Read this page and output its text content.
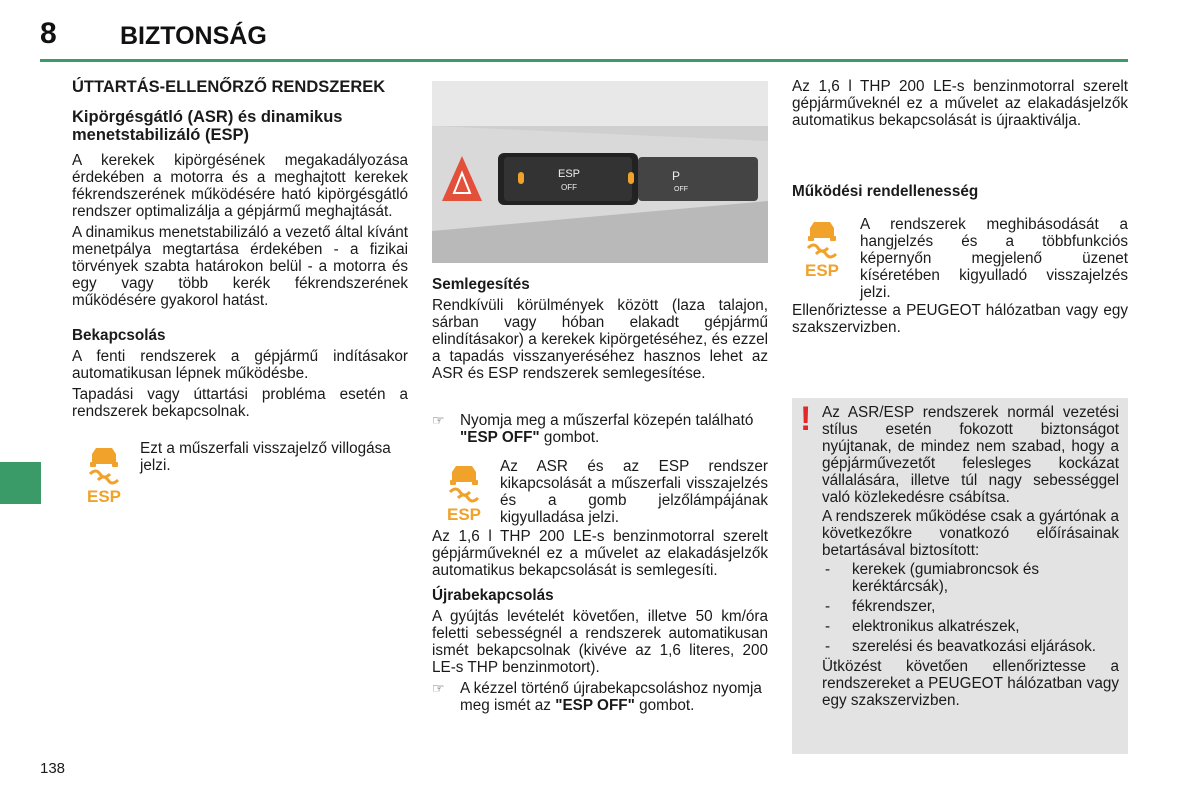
8	BIZTONSÁG
138
ÚTTARTÁS-ELLENŐRZŐ RENDSZEREK
Kipörgésgátló (ASR) és dinamikus menetstabilizáló (ESP)

A kerekek kipörgésének megakadályozása érdekében a motorra és a meghajtott kerekek fékrendszerének működésére ható kipörgésgátló rendszer optimalizálja a gépjármű meghajtását.

A dinamikus menetstabilizáló a vezető által kívánt menetpálya megtartása érdekében - a fizikai törvények szabta határokon belül - a motorra és egy vagy több kerék fékrendszerének működésére gyakorol hatást.

Bekapcsolás

A fenti rendszerek a gépjármű indításakor automatikusan lépnek működésbe.

Tapadási vagy úttartási probléma esetén a rendszerek bekapcsolnak.

ESP
Ezt a műszerfali visszajelző villogása jelzi.
ESP
OFF
P
OFF
Semlegesítés

Rendkívüli körülmények között (laza talajon, sárban vagy hóban elakadt gépjármű elindításakor) a kerekek kipörgetéséhez, és ezzel a tapadás visszanyeréséhez hasznos lehet az ASR és ESP rendszerek semlegesítése.

☞ Nyomja meg a műszerfal közepén található "ESP OFF" gombot.
ESP
Az ASR és az ESP rendszer kikapcsolását a műszerfali visszajelzés és a gomb jelzőlámpájának kigyulladása jelzi.

Az 1,6 l THP 200 LE-s benzinmotorral szerelt gépjárműveknél ez a művelet az elakadásjelzők automatikus bekapcsolását is semlegesíti.

Újrabekapcsolás

A gyújtás levételét követően, illetve 50 km/óra feletti sebességnél a rendszerek automatikusan ismét bekapcsolnak (kivéve az 1,6 literes, 200 LE-s THP benzinmotort).

☞ A kézzel történő újrabekapcsoláshoz nyomja meg ismét az "ESP OFF" gombot.

Az 1,6 l THP 200 LE-s benzinmotorral szerelt gépjárműveknél ez a művelet az elakadásjelzők automatikus bekapcsolását is újraaktiválja.

Működési rendellenesség
ESP
A rendszerek meghibásodását a hangjelzés és a többfunkciós képernyőn megjelenő üzenet kíséretében kigyulladó visszajelzés jelzi.

Ellenőriztesse a PEUGEOT hálózatban vagy egy szakszervizben.

! Az ASR/ESP rendszerek normál vezetési stílus esetén fokozott biztonságot nyújtanak, de mindez nem szabad, hogy a gépjárművezetőt felesleges kockázat vállalására, illetve túl nagy sebességgel való közlekedésre csábítsa.

A rendszerek működése csak a gyártónak a következőkre vonatkozó előírásainak betartásával biztosított:

- kerekek (gumiabroncsok és keréktárcsák),
- fékrendszer,
- elektronikus alkatrészek,
- szerelési és beavatkozási eljárások.

Ütközést követően ellenőriztesse a rendszereket a PEUGEOT hálózatban vagy egy szakszervizben.
